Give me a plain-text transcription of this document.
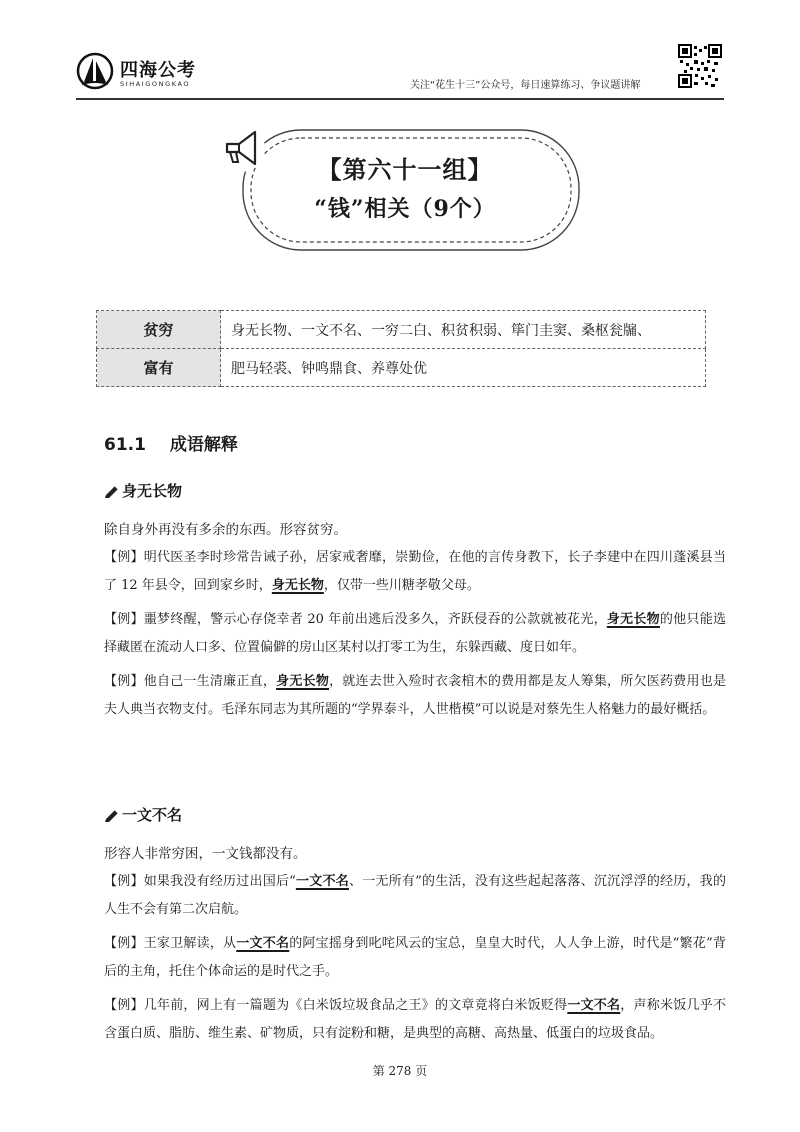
四海公考
SIHAIGONGKAO	关注“花生十三”公众号，每日速算练习、争议题讲解
【第六十一组】
“钱”相关（9个）
贫穷	身无长物、一文不名、一穷二白、积贫积弱、筚门圭窦、桑枢瓮牖、
富有	肥马轻裘、钟鸣鼎食、养尊处优
61.1 成语解释
身无长物
除自身外再没有多余的东西。形容贫穷。

【例】明代医圣李时珍常告诫子孙，居家戒奢靡，崇勤俭，在他的言传身教下，长子李建中在四川蓬溪县当了 12 年县令，回到家乡时，身无长物，仅带一些川糖孝敬父母。

【例】噩梦终醒，警示心存侥幸者 20 年前出逃后没多久，齐跃侵吞的公款就被花光，身无长物的他只能选择藏匿在流动人口多、位置偏僻的房山区某村以打零工为生，东躲西藏、度日如年。

【例】他自己一生清廉正直，身无长物，就连去世入殓时衣衾棺木的费用都是友人筹集，所欠医药费用也是夫人典当衣物支付。毛泽东同志为其所题的“学界泰斗，人世楷模”可以说是对蔡先生人格魅力的最好概括。

一文不名
形容人非常穷困，一文钱都没有。

【例】如果我没有经历过出国后“一文不名、一无所有”的生活，没有这些起起落落、沉沉浮浮的经历，我的人生不会有第二次启航。

【例】王家卫解读，从一文不名的阿宝摇身到叱咤风云的宝总，皇皇大时代，人人争上游，时代是“繁花”背后的主角，托住个体命运的是时代之手。

【例】几年前，网上有一篇题为《白米饭垃圾食品之王》的文章竟将白米饭贬得一文不名，声称米饭几乎不含蛋白质、脂肪、维生素、矿物质，只有淀粉和糖，是典型的高糖、高热量、低蛋白的垃圾食品。

第 278 页
